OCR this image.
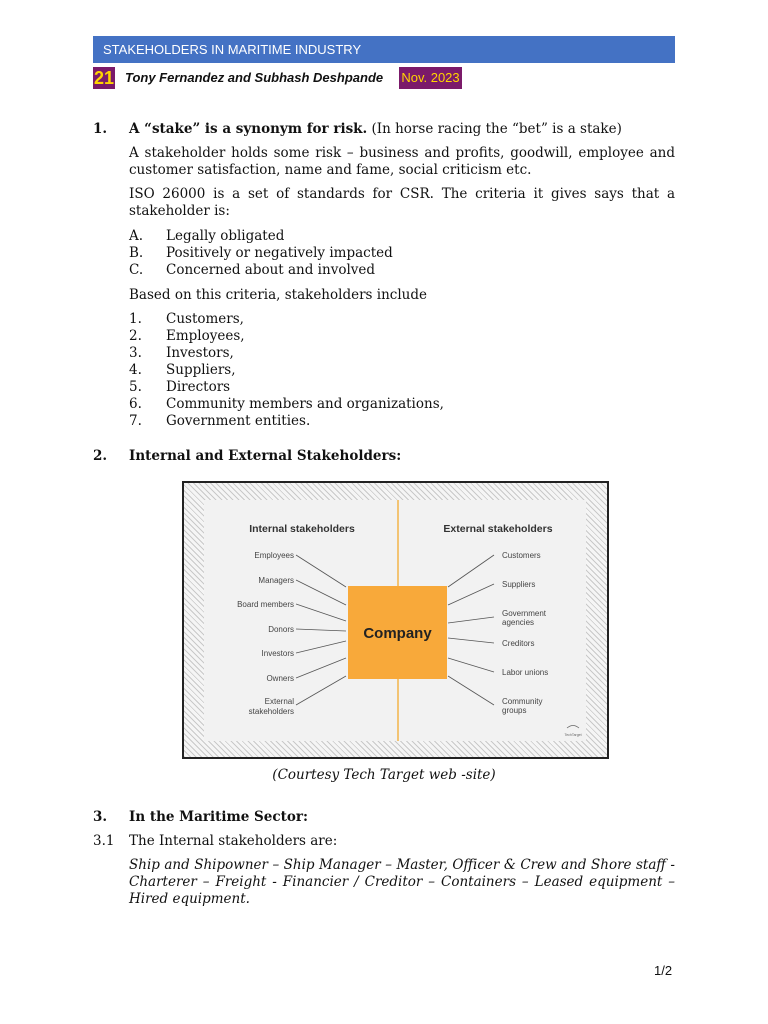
STAKEHOLDERS IN MARITIME INDUSTRY
21 Tony Fernandez and Subhash Deshpande Nov. 2023
1. A “stake” is a synonym for risk. (In horse racing the “bet” is a stake)
A stakeholder holds some risk – business and profits, goodwill, employee and customer satisfaction, name and fame, social criticism etc.
ISO 26000 is a set of standards for CSR. The criteria it gives says that a stakeholder is:
A. Legally obligated
B. Positively or negatively impacted
C. Concerned about and involved
Based on this criteria, stakeholders include
1. Customers,
2. Employees,
3. Investors,
4. Suppliers,
5. Directors
6. Community members and organizations,
7. Government entities.
2. Internal and External Stakeholders:
Internal stakeholders	External stakeholders
Company
Employees
Managers
Board members
Donors
Investors
Owners
External
stakeholders
Customers
Suppliers
Government
agencies
Creditors
Labor unions
Community
groups
TechTarget
(Courtesy Tech Target web -site)
3. In the Maritime Sector:
3.1 The Internal stakeholders are:
Ship and Shipowner – Ship Manager – Master, Officer & Crew and Shore staff - Charterer – Freight - Financier / Creditor – Containers – Leased equipment – Hired equipment.
1/2
